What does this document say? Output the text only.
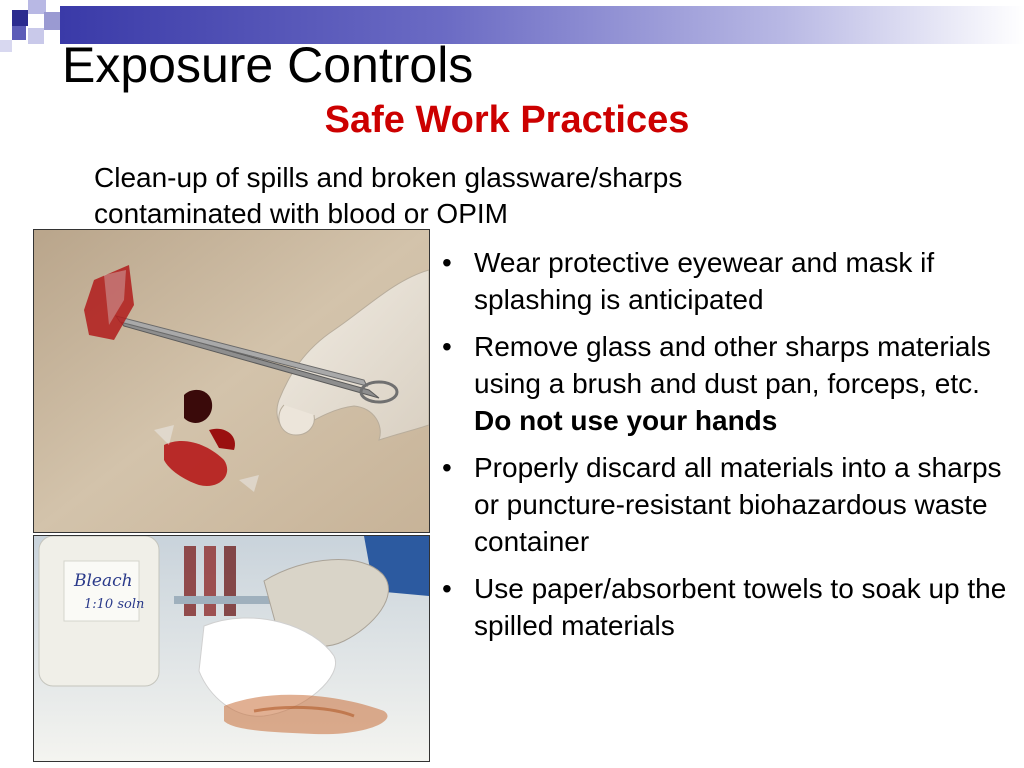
Exposure Controls
Safe Work Practices
Clean-up of spills and broken glassware/sharps contaminated with blood or OPIM
Bleach
1:10 soln
• Wear protective eyewear and mask if splashing is anticipated
• Remove glass and other sharps materials using a brush and dust pan, forceps, etc. Do not use your hands
• Properly discard all materials into a sharps or puncture-resistant biohazardous waste container
• Use paper/absorbent towels to soak up the spilled materials
